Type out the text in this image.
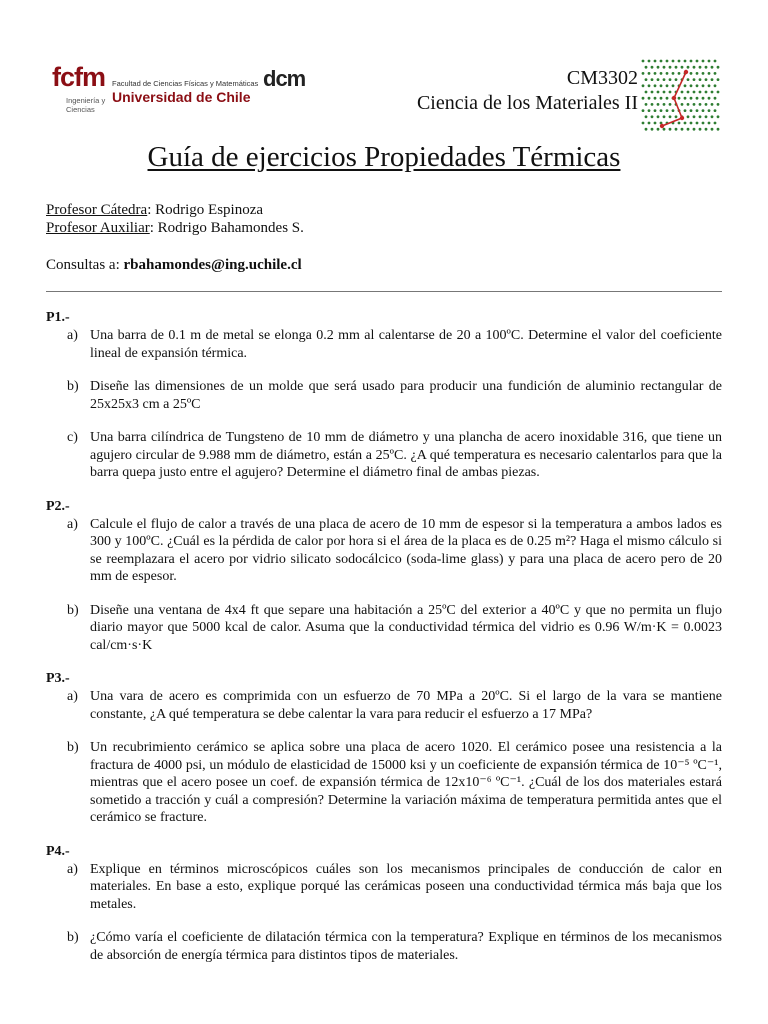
fcfm Facultad de Ciencias Físicas y Matemáticas
Universidad de Chile
Ingeniería y Ciencias
dcm	CM3302
Ciencia de los Materiales II
Guía de ejercicios Propiedades Térmicas
Profesor Cátedra: Rodrigo Espinoza
Profesor Auxiliar: Rodrigo Bahamondes S.
Consultas a: rbahamondes@ing.uchile.cl
P1.-
a) Una barra de 0.1 m de metal se elonga 0.2 mm al calentarse de 20 a 100ºC. Determine el valor del coeficiente lineal de expansión térmica.
b) Diseñe las dimensiones de un molde que será usado para producir una fundición de aluminio rectangular de 25x25x3 cm a 25ºC
c) Una barra cilíndrica de Tungsteno de 10 mm de diámetro y una plancha de acero inoxidable 316, que tiene un agujero circular de 9.988 mm de diámetro, están a 25ºC. ¿A qué temperatura es necesario calentarlos para que la barra quepa justo entre el agujero? Determine el diámetro final de ambas piezas.
P2.-
a) Calcule el flujo de calor a través de una placa de acero de 10 mm de espesor si la temperatura a ambos lados es 300 y 100ºC. ¿Cuál es la pérdida de calor por hora si el área de la placa es de 0.25 m²? Haga el mismo cálculo si se reemplazara el acero por vidrio silicato sodocálcico (soda-lime glass) y para una placa de acero pero de 20 mm de espesor.
b) Diseñe una ventana de 4x4 ft que separe una habitación a 25ºC del exterior a 40ºC y que no permita un flujo diario mayor que 5000 kcal de calor. Asuma que la conductividad térmica del vidrio es 0.96 W/m·K = 0.0023 cal/cm·s·K
P3.-
a) Una vara de acero es comprimida con un esfuerzo de 70 MPa a 20ºC. Si el largo de la vara se mantiene constante, ¿A qué temperatura se debe calentar la vara para reducir el esfuerzo a 17 MPa?
b) Un recubrimiento cerámico se aplica sobre una placa de acero 1020. El cerámico posee una resistencia a la fractura de 4000 psi, un módulo de elasticidad de 15000 ksi y un coeficiente de expansión térmica de 10⁻⁵ ºC⁻¹, mientras que el acero posee un coef. de expansión térmica de 12x10⁻⁶ ºC⁻¹. ¿Cuál de los dos materiales estará sometido a tracción y cuál a compresión? Determine la variación máxima de temperatura permitida antes que el cerámico se fracture.
P4.-
a) Explique en términos microscópicos cuáles son los mecanismos principales de conducción de calor en materiales. En base a esto, explique porqué las cerámicas poseen una conductividad térmica más baja que los metales.
b) ¿Cómo varía el coeficiente de dilatación térmica con la temperatura? Explique en términos de los mecanismos de absorción de energía térmica para distintos tipos de materiales.
